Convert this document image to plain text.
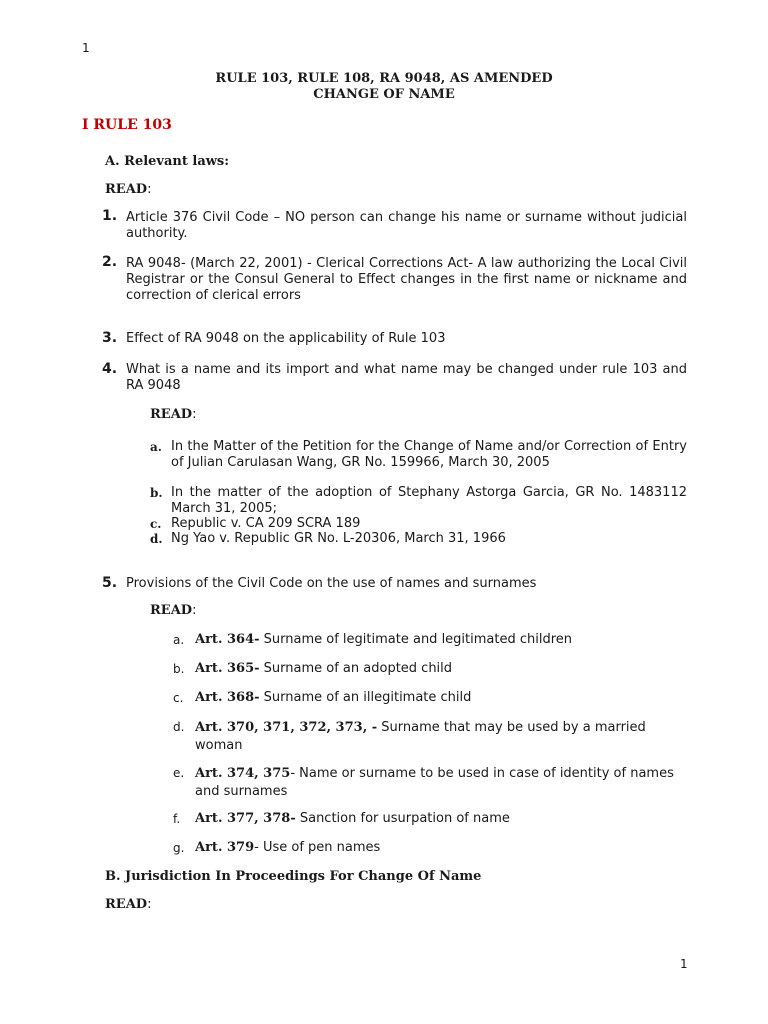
1
RULE 103, RULE 108, RA 9048, AS AMENDED
CHANGE OF NAME
I RULE 103
A. Relevant laws:
READ:
1. Article 376 Civil Code – NO person can change his name or surname without judicial authority.
2. RA 9048- (March 22, 2001) - Clerical Corrections Act- A law authorizing the Local Civil Registrar or the Consul General to Effect changes in the first name or nickname and correction of clerical errors
3. Effect of RA 9048 on the applicability of Rule 103
4. What is a name and its import and what name may be changed under rule 103 and RA 9048
READ:
a. In the Matter of the Petition for the Change of Name and/or Correction of Entry of Julian Carulasan Wang, GR No. 159966, March 30, 2005
b. In the matter of the adoption of Stephany Astorga Garcia, GR No. 1483112 March 31, 2005;
c. Republic v. CA 209 SCRA 189
d. Ng Yao v. Republic GR No. L-20306, March 31, 1966
5. Provisions of the Civil Code on the use of names and surnames
READ:
a. Art. 364- Surname of legitimate and legitimated children
b. Art. 365- Surname of an adopted child
c. Art. 368- Surname of an illegitimate child
d. Art. 370, 371, 372, 373, - Surname that may be used by a married woman
e. Art. 374, 375- Name or surname to be used in case of identity of names and surnames
f. Art. 377, 378- Sanction for usurpation of name
g. Art. 379- Use of pen names
B. Jurisdiction In Proceedings For Change Of Name
READ:
1
